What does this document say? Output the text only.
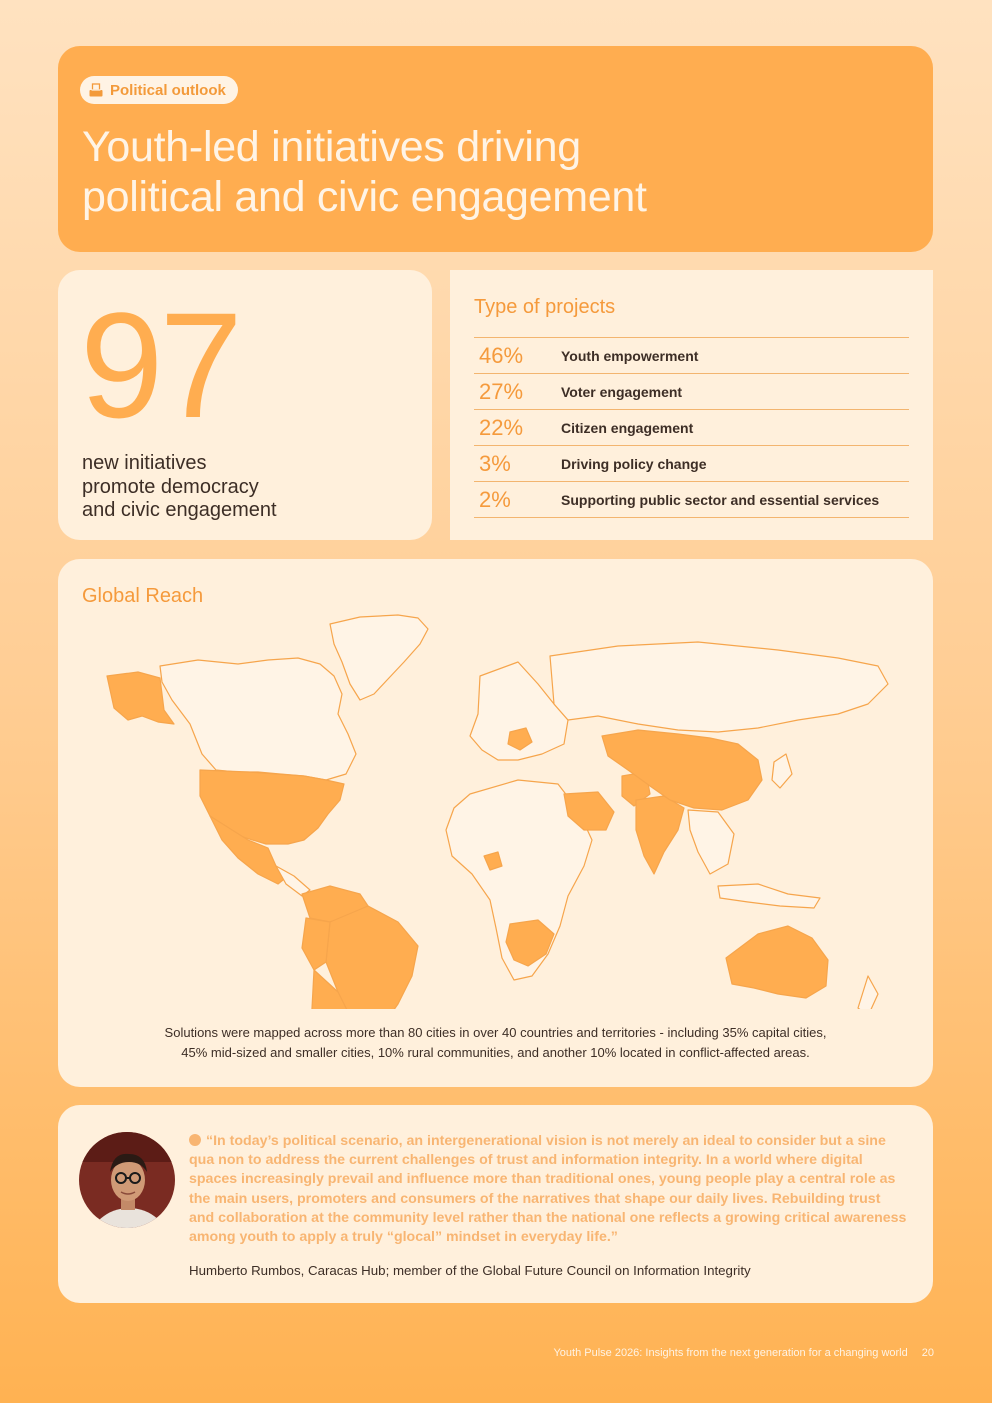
Political outlook
Youth-led initiatives driving
political and civic engagement
97
new initiatives
promote democracy
and civic engagement
Type of projects
46%	Youth empowerment
27%	Voter engagement
22%	Citizen engagement
3%	Driving policy change
2%	Supporting public sector and essential services
Global Reach
Solutions were mapped across more than 80 cities in over 40 countries and territories - including 35% capital cities,
45% mid-sized and smaller cities, 10% rural communities, and another 10% located in conflict-affected areas.
“In today’s political scenario, an intergenerational vision is not merely an ideal to consider but a sine qua non to address the current challenges of trust and information integrity. In a world where digital spaces increasingly prevail and influence more than traditional ones, young people play a central role as the main users, promoters and consumers of the narratives that shape our daily lives. Rebuilding trust and collaboration at the community level rather than the national one reflects a growing critical awareness among youth to apply a truly “glocal” mindset in everyday life.”
Humberto Rumbos, Caracas Hub; member of the Global Future Council on Information Integrity
Youth Pulse 2026: Insights from the next generation for a changing world 20
